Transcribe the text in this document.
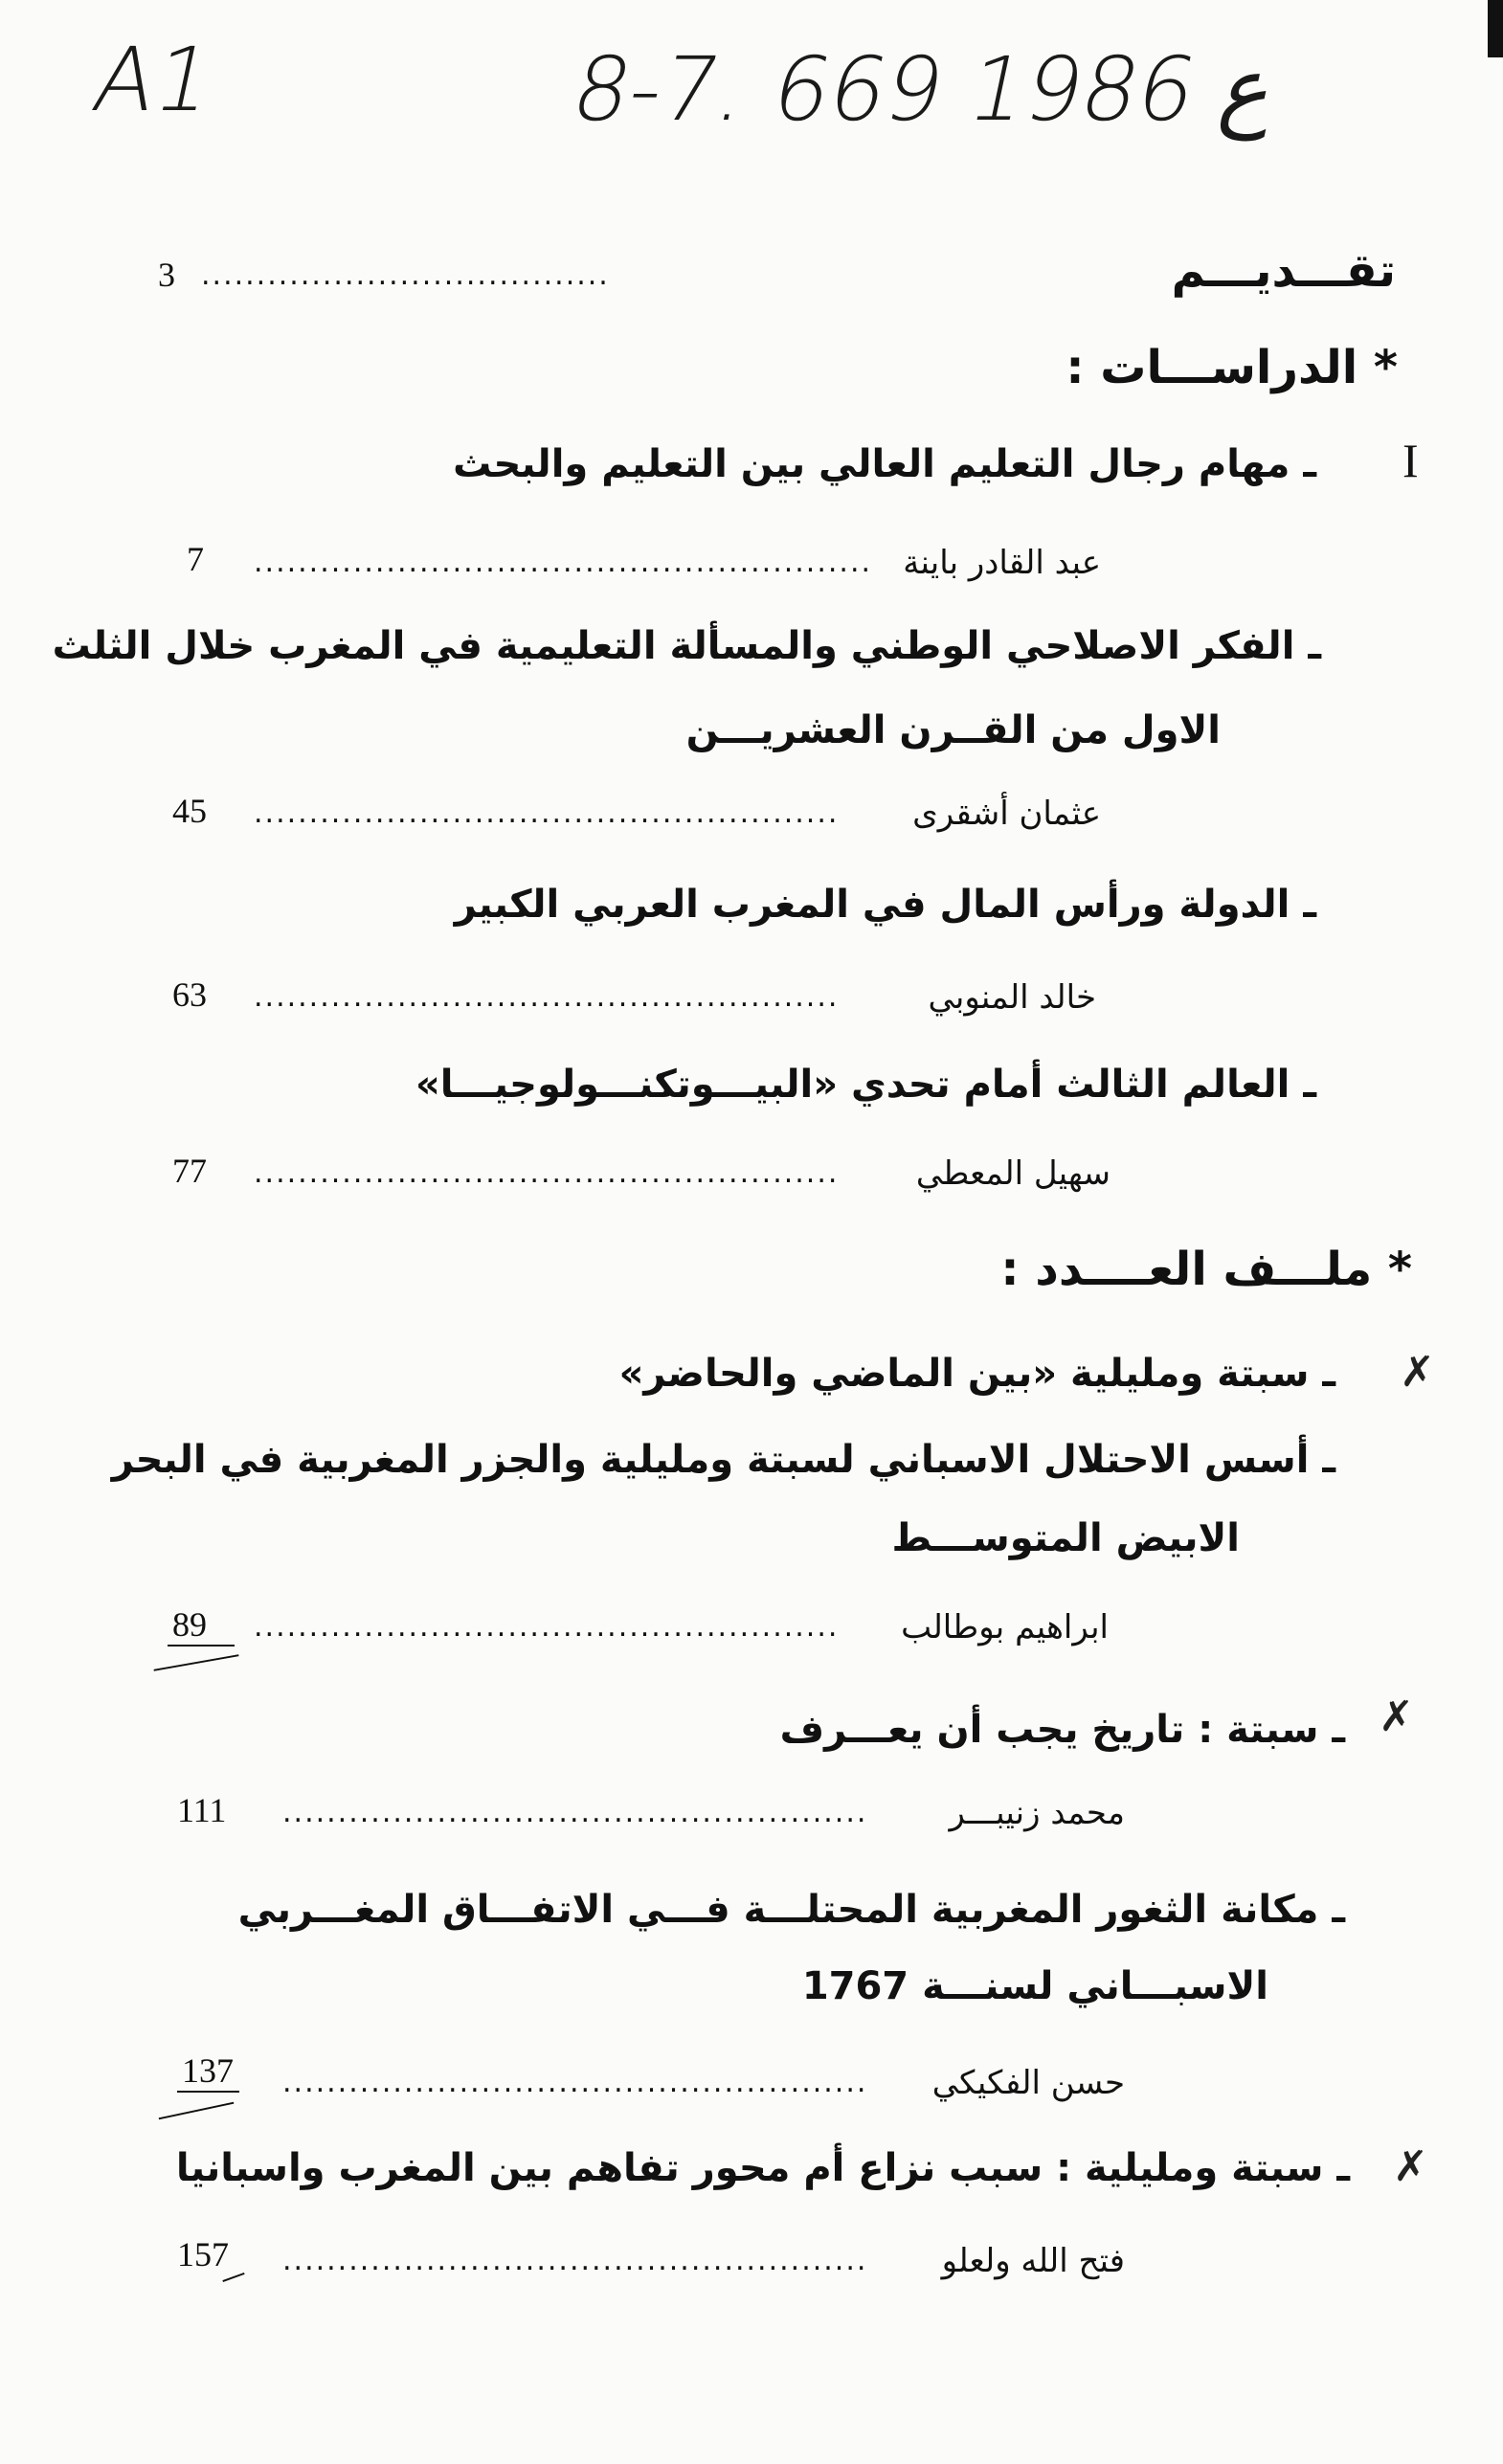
A1	8-7. ع 1986 669
3 .....................................	تقـــديـــم
* الدراســـات :
I
ـ مهام رجال التعليم العالي بين التعليم والبحث
عبد القادر باينة
........................................................
7
ـ الفكر الاصلاحي الوطني والمسألة التعليمية في المغرب خلال الثلث
الاول من القــرن العشريـــن
عثمان أشقرى
.....................................................
45
ـ الدولة ورأس المال في المغرب العربي الكبير
خالد المنوبي
.....................................................
63
ـ العالم الثالث أمام تحدي «البيـــوتكنـــولوجيـــا»
سهيل المعطي
.....................................................
77
* ملـــف العــــدد :
✗
ـ سبتة ومليلية «بين الماضي والحاضر»
ـ أسس الاحتلال الاسباني لسبتة ومليلية والجزر المغربية في البحر
الابيض المتوســـط
ابراهيم بوطالب
.....................................................
89
✗
ـ سبتة : تاريخ يجب أن يعـــرف
محمد زنيبـــر
.....................................................
111
ـ مكانة الثغور المغربية المحتلـــة فـــي الاتفـــاق المغـــربي
الاسبـــاني لسنـــة 1767
حسن الفكيكي
.....................................................
137
✗
ـ سبتة ومليلية : سبب نزاع أم محور تفاهم بين المغرب واسبانيا
فتح الله ولعلو
.....................................................
157
